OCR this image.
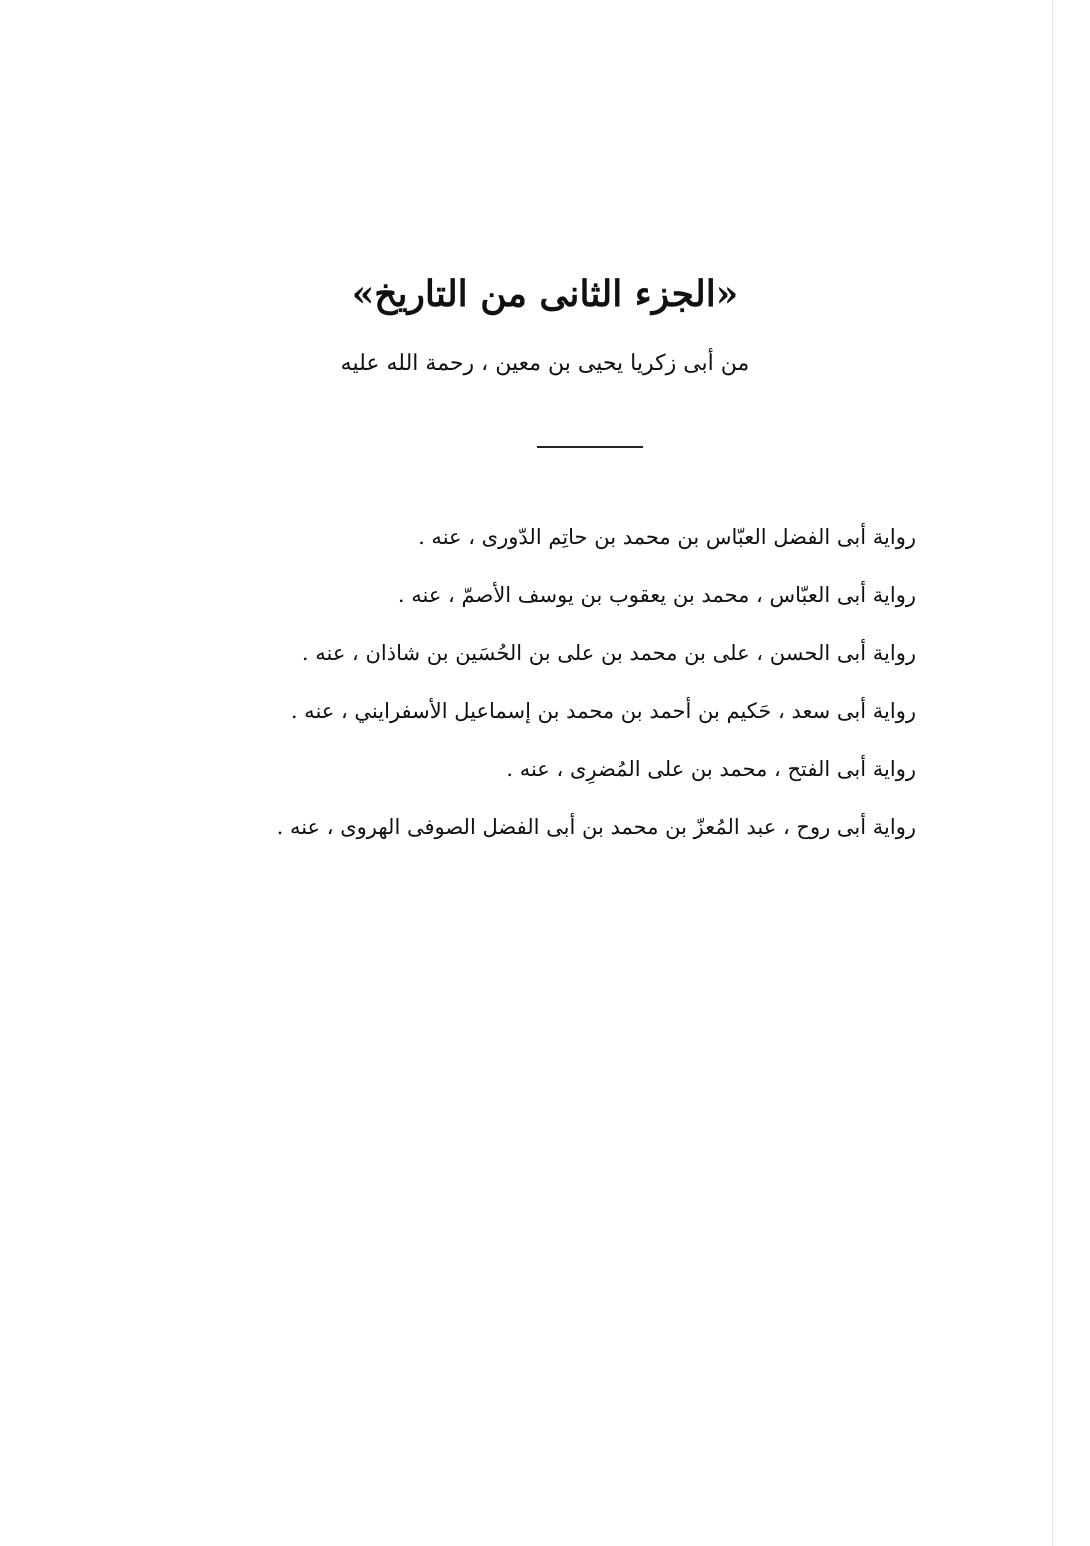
«الجزء الثانى من التاريخ»
من أبى زكريا يحيى بن معين ، رحمة الله عليه
رواية أبى الفضل العبّاس بن محمد بن حاتِم الدّورى ، عنه .
رواية أبى العبّاس ، محمد بن يعقوب بن يوسف الأصمّ ، عنه .
رواية أبى الحسن ، على بن محمد بن على بن الحُسَين بن شاذان ، عنه .
رواية أبى سعد ، حَكيم بن أحمد بن محمد بن إسماعيل الأسفرايني ، عنه .
رواية أبى الفتح ، محمد بن على المُضرِى ، عنه .
رواية أبى روح ، عبد المُعزّ بن محمد بن أبى الفضل الصوفى الهروى ، عنه .
